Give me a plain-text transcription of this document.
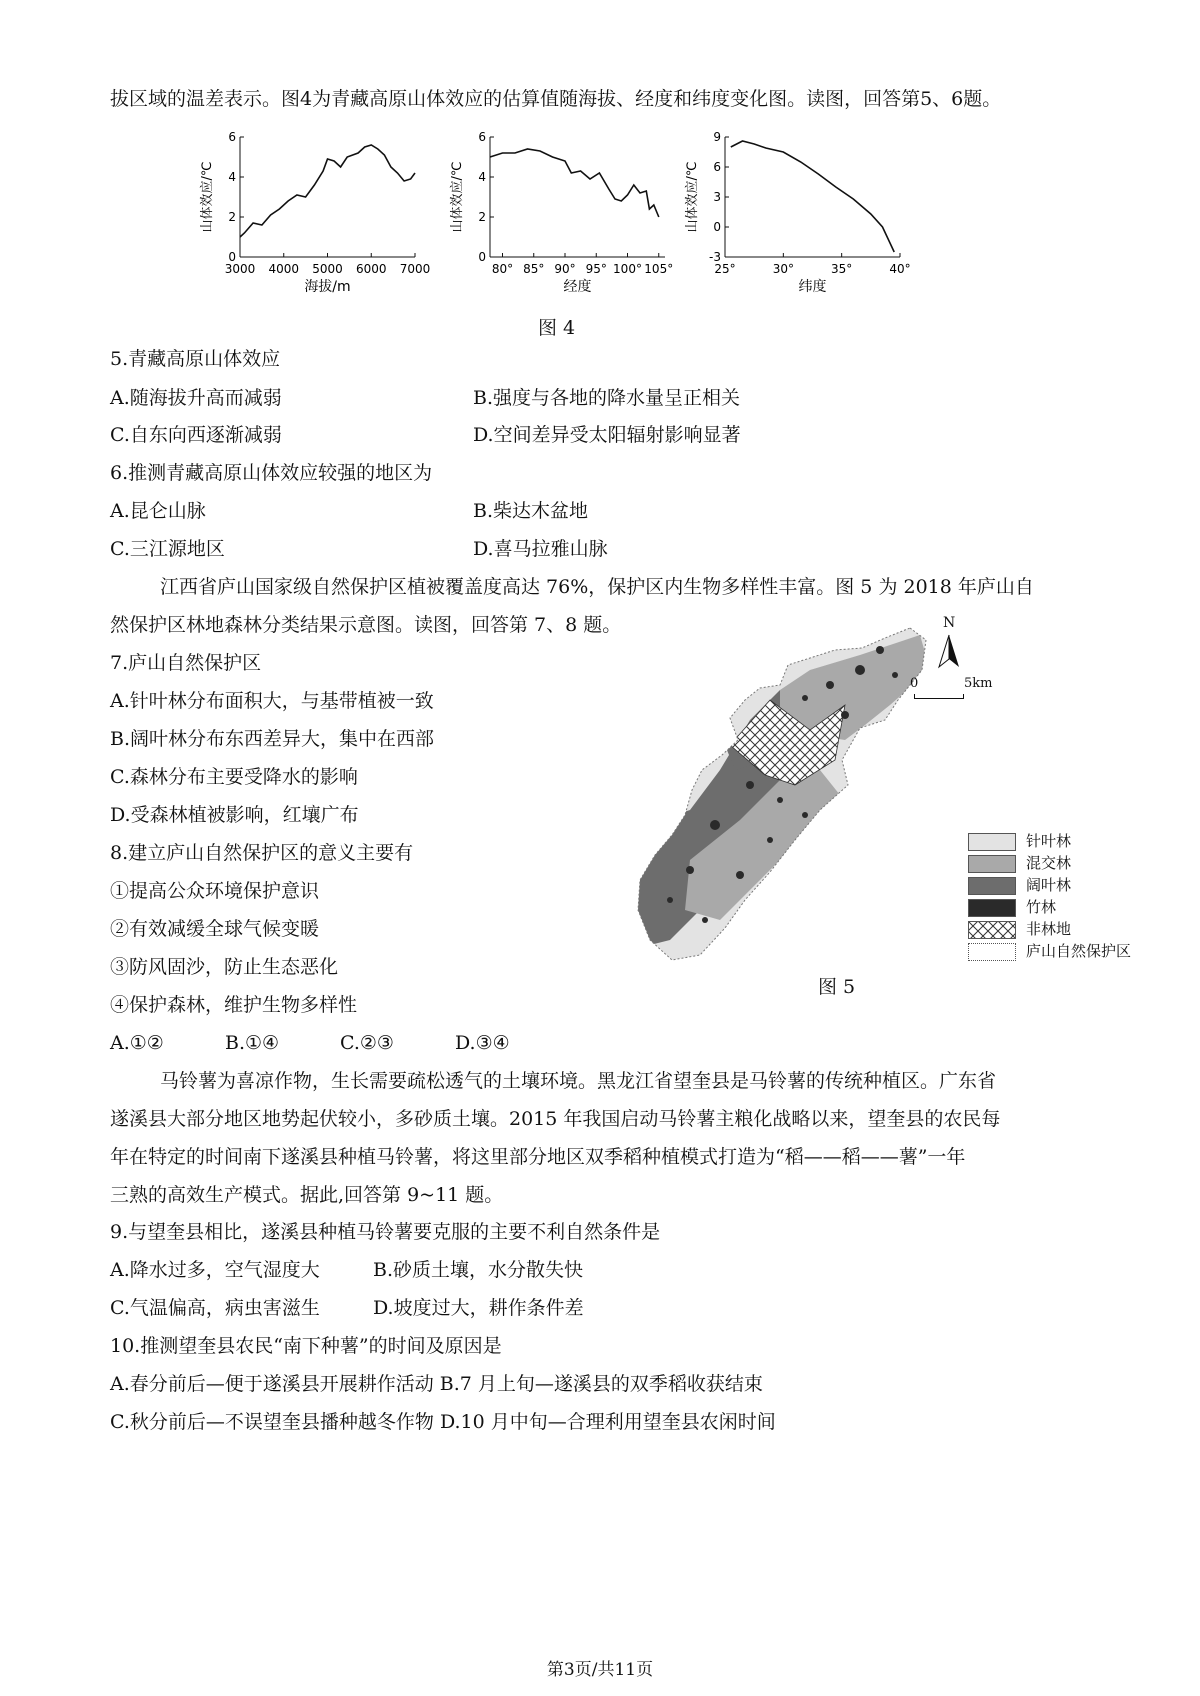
拔区域的温差表示。图4为青藏高原山体效应的估算值随海拔、经度和纬度变化图。读图，回答第5、6题。
0
2
4
6
3000 4000 5000 6000 7000
海拔/m
山体效应/℃
0
2
4
6
80° 85° 90° 95° 100° 105°
经度
山体效应/℃
-3
0
3
6
9
25°	30°	35°	40°
纬度
山体效应/℃
图 4
5.青藏高原山体效应
A.随海拔升高而减弱	B.强度与各地的降水量呈正相关
C.自东向西逐渐减弱	D.空间差异受太阳辐射影响显著
6.推测青藏高原山体效应较强的地区为
A.昆仑山脉	B.柴达木盆地
C.三江源地区	D.喜马拉雅山脉
江西省庐山国家级自然保护区植被覆盖度高达 76%，保护区内生物多样性丰富。图 5 为 2018 年庐山自
然保护区林地森林分类结果示意图。读图，回答第 7、8 题。
7.庐山自然保护区
A.针叶林分布面积大，与基带植被一致
B.阔叶林分布东西差异大，集中在西部
C.森林分布主要受降水的影响
D.受森林植被影响，红壤广布
8.建立庐山自然保护区的意义主要有
①提高公众环境保护意识
②有效减缓全球气候变暖
③防风固沙，防止生态恶化
④保护森林，维护生物多样性
A.①②	B.①④	C.②③	D.③④
N
0	5km
针叶林
混交林
阔叶林
竹林
非林地
庐山自然保护区
图 5
马铃薯为喜凉作物，生长需要疏松透气的土壤环境。黑龙江省望奎县是马铃薯的传统种植区。广东省
遂溪县大部分地区地势起伏较小，多砂质土壤。2015 年我国启动马铃薯主粮化战略以来，望奎县的农民每
年在特定的时间南下遂溪县种植马铃薯，将这里部分地区双季稻种植模式打造为“稻——稻——薯”一年
三熟的高效生产模式。据此,回答第 9~11 题。
9.与望奎县相比，遂溪县种植马铃薯要克服的主要不利自然条件是
A.降水过多，空气湿度大	B.砂质土壤，水分散失快
C.气温偏高，病虫害滋生	D.坡度过大，耕作条件差
10.推测望奎县农民“南下种薯”的时间及原因是
A.春分前后—便于遂溪县开展耕作活动 B.7 月上旬—遂溪县的双季稻收获结束
C.秋分前后—不误望奎县播种越冬作物 D.10 月中旬—合理利用望奎县农闲时间
第3页/共11页
